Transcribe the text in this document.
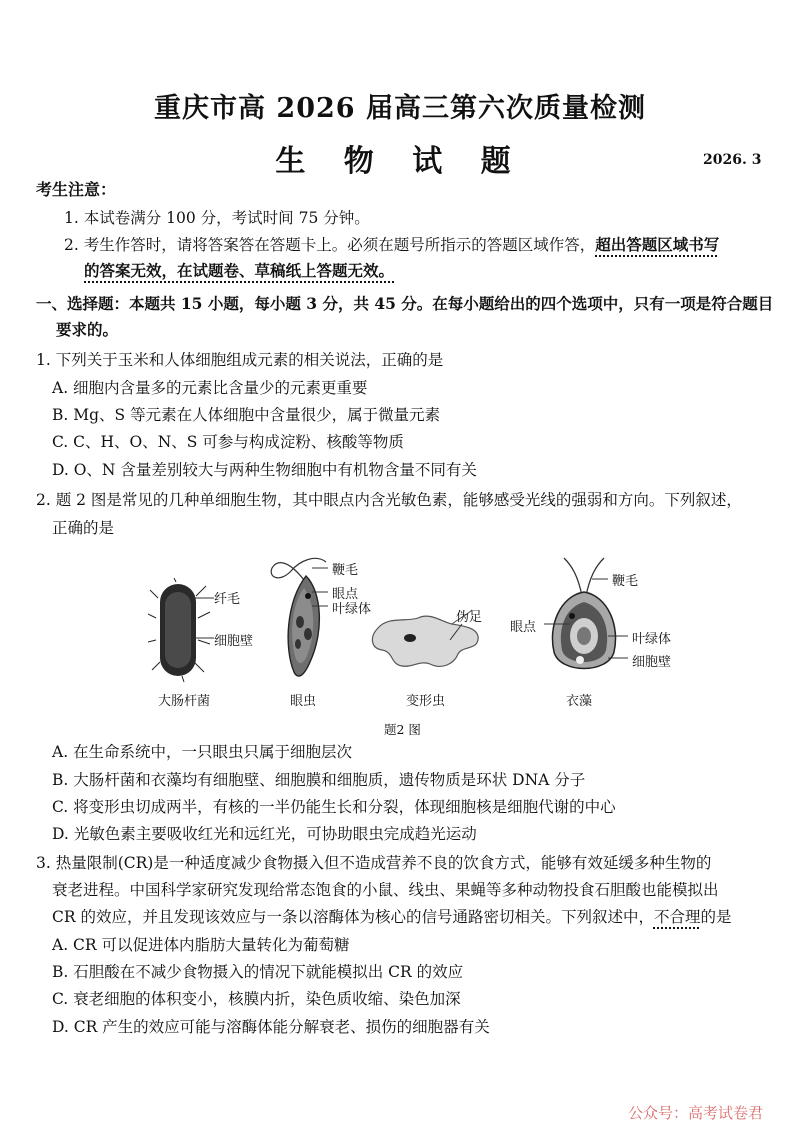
重庆市高 2026 届高三第六次质量检测
生 物 试 题	2026. 3
考生注意：
1. 本试卷满分 100 分，考试时间 75 分钟。
2. 考生作答时，请将答案答在答题卡上。必须在题号所指示的答题区域作答，超出答题区域书写
的答案无效，在试题卷、草稿纸上答题无效。
一、选择题：本题共 15 小题，每小题 3 分，共 45 分。在每小题给出的四个选项中，只有一项是符合题目
要求的。
1. 下列关于玉米和人体细胞组成元素的相关说法，正确的是
A. 细胞内含量多的元素比含量少的元素更重要
B. Mg、S 等元素在人体细胞中含量很少，属于微量元素
C. C、H、O、N、S 可参与构成淀粉、核酸等物质
D. O、N 含量差别较大与两种生物细胞中有机物含量不同有关
2. 题 2 图是常见的几种单细胞生物，其中眼点内含光敏色素，能够感受光线的强弱和方向。下列叙述，
正确的是
纤毛
细胞壁
鞭毛
眼点
叶绿体
伪足
鞭毛
眼点
叶绿体
细胞壁
大肠杆菌	眼虫	变形虫	衣藻
题2 图
A. 在生命系统中，一只眼虫只属于细胞层次
B. 大肠杆菌和衣藻均有细胞壁、细胞膜和细胞质，遗传物质是环状 DNA 分子
C. 将变形虫切成两半，有核的一半仍能生长和分裂，体现细胞核是细胞代谢的中心
D. 光敏色素主要吸收红光和远红光，可协助眼虫完成趋光运动
3. 热量限制(CR)是一种适度减少食物摄入但不造成营养不良的饮食方式，能够有效延缓多种生物的
衰老进程。中国科学家研究发现给常态饱食的小鼠、线虫、果蝇等多种动物投食石胆酸也能模拟出
CR 的效应，并且发现该效应与一条以溶酶体为核心的信号通路密切相关。下列叙述中，不合理的是
A. CR 可以促进体内脂肪大量转化为葡萄糖
B. 石胆酸在不减少食物摄入的情况下就能模拟出 CR 的效应
C. 衰老细胞的体积变小，核膜内折，染色质收缩、染色加深
D. CR 产生的效应可能与溶酶体能分解衰老、损伤的细胞器有关
公众号：高考试卷君
